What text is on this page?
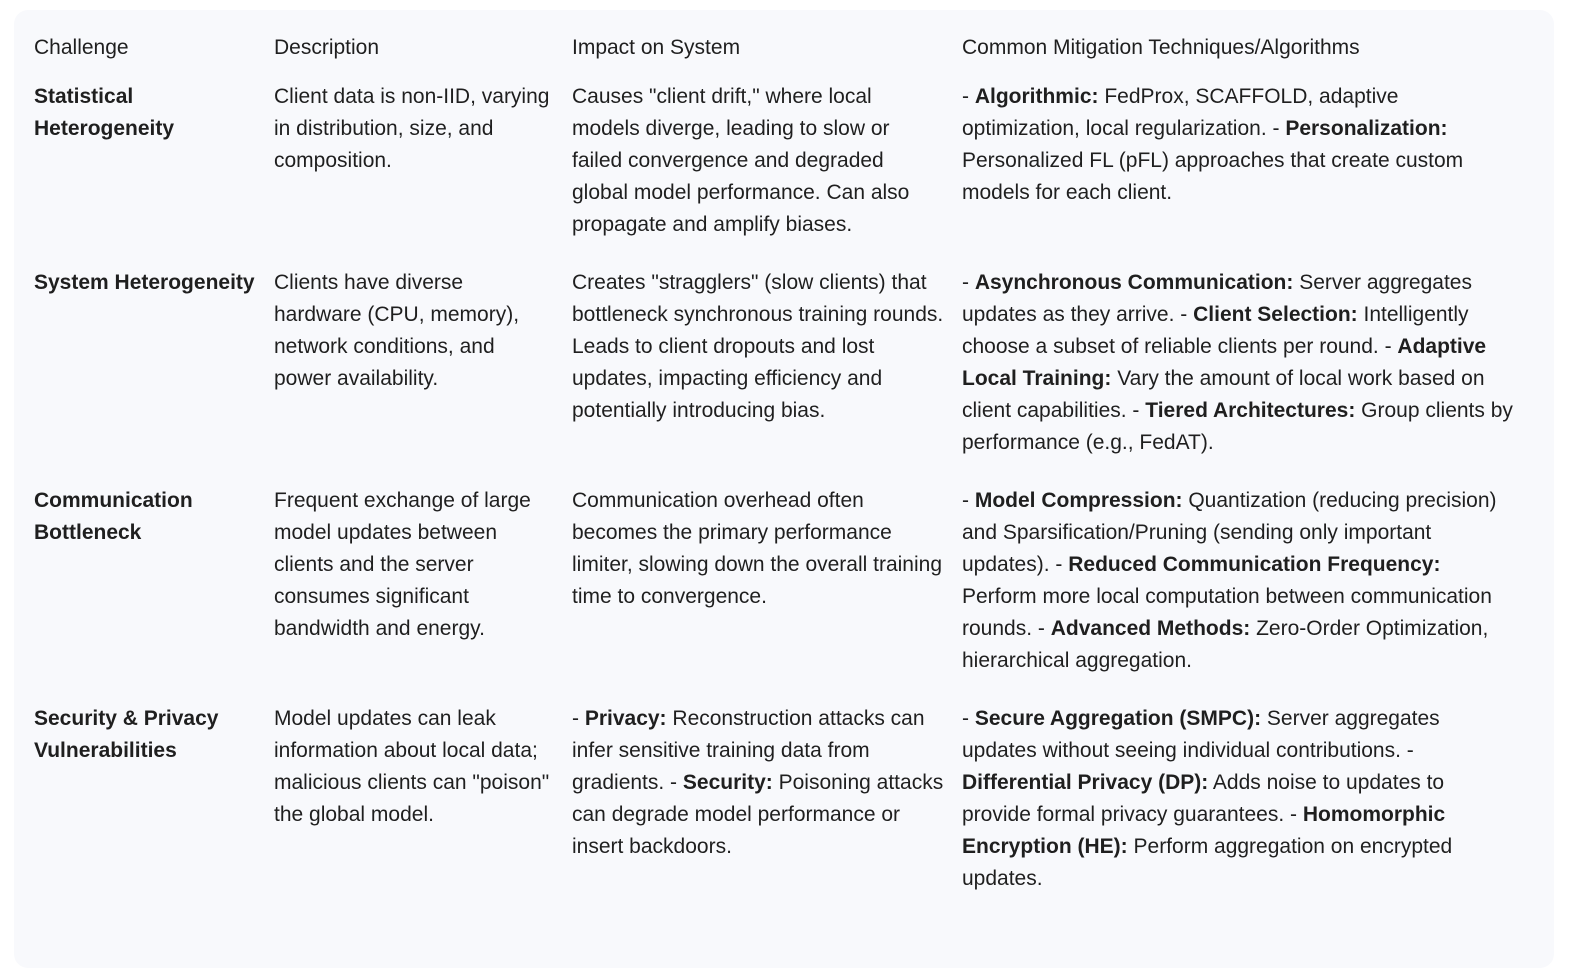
Challenge	Description	Impact on System	Common Mitigation Techniques/Algorithms
Statistical Heterogeneity	Client data is non-IID, varying in distribution, size, and composition.	Causes "client drift," where local models diverge, leading to slow or failed convergence and degraded global model performance. Can also propagate and amplify biases.	- Algorithmic: FedProx, SCAFFOLD, adaptive optimization, local regularization. - Personalization: Personalized FL (pFL) approaches that create custom models for each client.
System Heterogeneity	Clients have diverse hardware (CPU, memory), network conditions, and power availability.	Creates "stragglers" (slow clients) that bottleneck synchronous training rounds. Leads to client dropouts and lost updates, impacting efficiency and potentially introducing bias.	- Asynchronous Communication: Server aggregates updates as they arrive. - Client Selection: Intelligently choose a subset of reliable clients per round. - Adaptive Local Training: Vary the amount of local work based on client capabilities. - Tiered Architectures: Group clients by performance (e.g., FedAT).
Communication Bottleneck	Frequent exchange of large model updates between clients and the server consumes significant bandwidth and energy.	Communication overhead often becomes the primary performance limiter, slowing down the overall training time to convergence.	- Model Compression: Quantization (reducing precision) and Sparsification/Pruning (sending only important updates). - Reduced Communication Frequency: Perform more local computation between communication rounds. - Advanced Methods: Zero-Order Optimization, hierarchical aggregation.
Security & Privacy Vulnerabilities	Model updates can leak information about local data; malicious clients can "poison" the global model.	- Privacy: Reconstruction attacks can infer sensitive training data from gradients. - Security: Poisoning attacks can degrade model performance or insert backdoors.	- Secure Aggregation (SMPC): Server aggregates updates without seeing individual contributions. - Differential Privacy (DP): Adds noise to updates to provide formal privacy guarantees. - Homomorphic Encryption (HE): Perform aggregation on encrypted updates.
